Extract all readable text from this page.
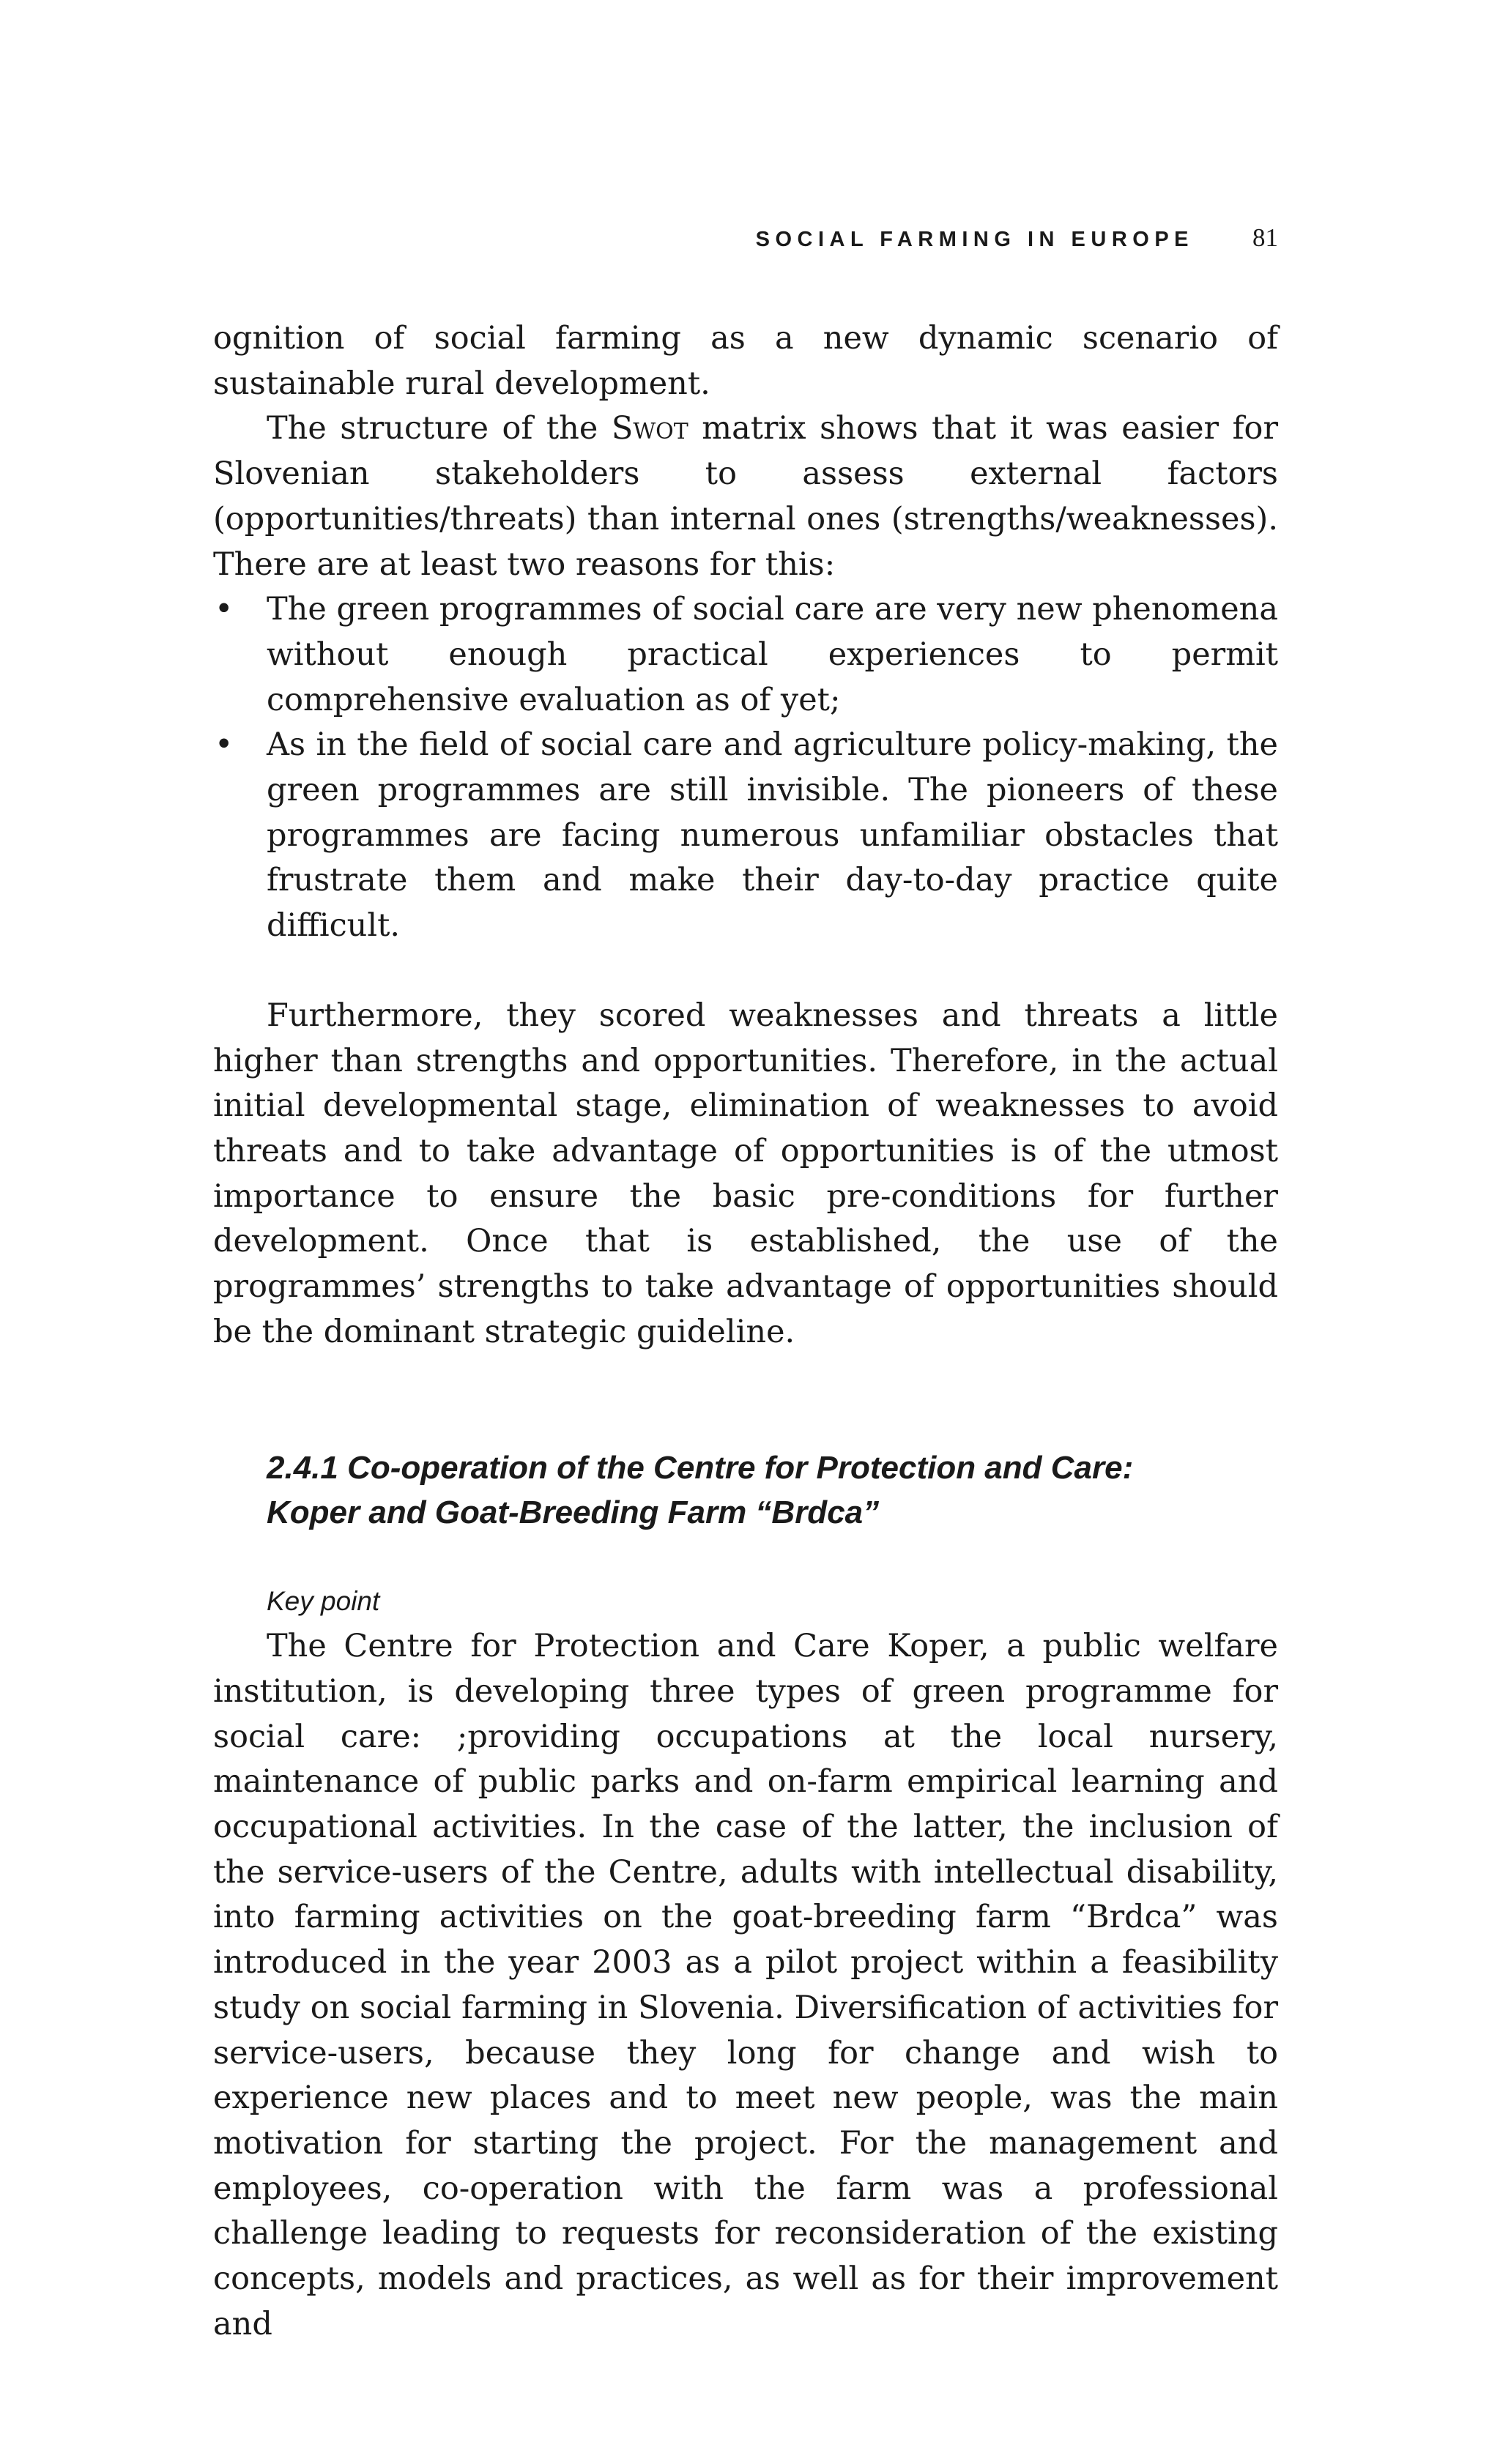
SOCIAL FARMING IN EUROPE 81

ognition of social farming as a new dynamic scenario of sustainable rural development.

The structure of the Swot matrix shows that it was easier for Slovenian stakeholders to assess external factors (opportunities/threats) than internal ones (strengths/weaknesses). There are at least two reasons for this:

• The green programmes of social care are very new phenomena without enough practical experiences to permit comprehensive evaluation as of yet;
• As in the field of social care and agriculture policy-making, the green programmes are still invisible. The pioneers of these programmes are facing numerous unfamiliar obstacles that frustrate them and make their day-to-day practice quite difficult.

Furthermore, they scored weaknesses and threats a little higher than strengths and opportunities. Therefore, in the actual initial developmental stage, elimination of weaknesses to avoid threats and to take advantage of opportunities is of the utmost importance to ensure the basic pre-conditions for further development. Once that is established, the use of the programmes’ strengths to take advantage of opportunities should be the dominant strategic guideline.

2.4.1 Co-operation of the Centre for Protection and Care:
Koper and Goat-Breeding Farm “Brdca”

Key point

The Centre for Protection and Care Koper, a public welfare institution, is developing three types of green programme for social care: ;providing occupations at the local nursery, maintenance of public parks and on-farm empirical learning and occupational activities. In the case of the latter, the inclusion of the service-users of the Centre, adults with intellectual disability, into farming activities on the goat-breeding farm “Brdca” was introduced in the year 2003 as a pilot project within a feasibility study on social farming in Slovenia. Diversification of activities for service-users, because they long for change and wish to experience new places and to meet new people, was the main motivation for starting the project. For the management and employees, co-operation with the farm was a professional challenge leading to requests for reconsideration of the existing concepts, models and practices, as well as for their improvement and
